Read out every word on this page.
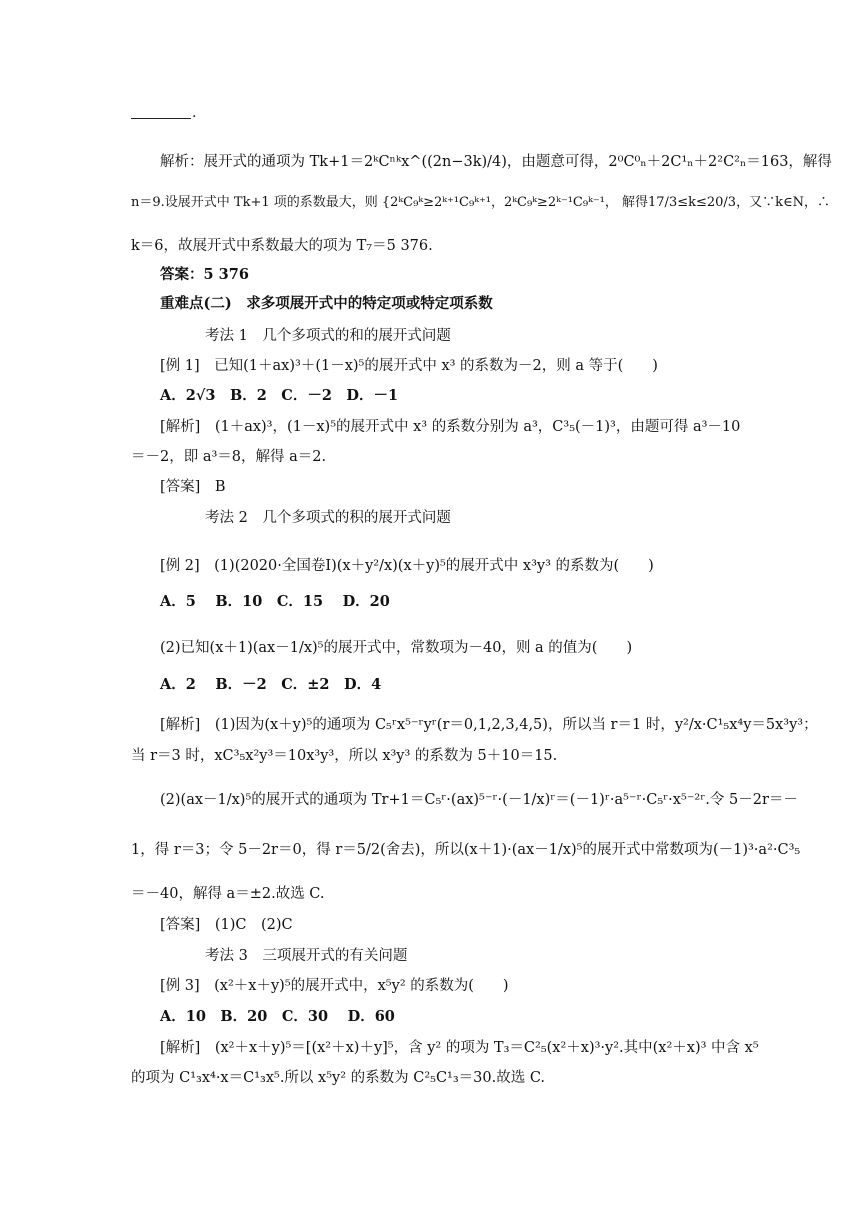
.
解析：展开式的通项为 Tk+1＝2ᵏCⁿᵏx^((2n−3k)/4)，由题意可得，2⁰C⁰ₙ＋2C¹ₙ＋2²C²ₙ＝163，解得
n＝9.设展开式中 Tk+1 项的系数最大，则 {2ᵏC₉ᵏ≥2ᵏ⁺¹C₉ᵏ⁺¹，2ᵏC₉ᵏ≥2ᵏ⁻¹C₉ᵏ⁻¹， 解得17/3≤k≤20/3，又∵k∈N，∴
k＝6，故展开式中系数最大的项为 T₇＝5 376.
答案：5 376
重难点(二)　求多项展开式中的特定项或特定项系数
考法 1　几个多项式的和的展开式问题
[例 1]　已知(1＋ax)³＋(1－x)⁵的展开式中 x³ 的系数为－2，则 a 等于(　　)
A．2√3　B．2　C．－2　D．－1
[解析]　(1＋ax)³，(1－x)⁵的展开式中 x³ 的系数分别为 a³，C³₅(－1)³，由题可得 a³－10
＝－2，即 a³＝8，解得 a＝2.
[答案]　B
考法 2　几个多项式的积的展开式问题
[例 2]　(1)(2020·全国卷Ⅰ)(x＋y²/x)(x＋y)⁵的展开式中 x³y³ 的系数为(　　)
A．5　 B．10　C．15　 D．20
(2)已知(x＋1)(ax－1/x)⁵的展开式中，常数项为－40，则 a 的值为(　　)
A．2　 B．－2　C．±2　D．4
[解析]　(1)因为(x＋y)⁵的通项为 C₅ʳx⁵⁻ʳyʳ(r＝0,1,2,3,4,5)，所以当 r＝1 时，y²/x·C¹₅x⁴y＝5x³y³；
当 r＝3 时，xC³₅x²y³＝10x³y³，所以 x³y³ 的系数为 5＋10＝15.
(2)(ax－1/x)⁵的展开式的通项为 Tr+1＝C₅ʳ·(ax)⁵⁻ʳ·(－1/x)ʳ＝(－1)ʳ·a⁵⁻ʳ·C₅ʳ·x⁵⁻²ʳ.令 5－2r＝－
1，得 r＝3；令 5－2r＝0，得 r＝5/2(舍去)，所以(x＋1)·(ax－1/x)⁵的展开式中常数项为(－1)³·a²·C³₅
＝－40，解得 a＝±2.故选 C.
[答案]　(1)C　(2)C
考法 3　三项展开式的有关问题
[例 3]　(x²＋x＋y)⁵的展开式中，x⁵y² 的系数为(　　)
A．10　B．20　C．30　 D．60
[解析]　(x²＋x＋y)⁵＝[(x²＋x)＋y]⁵，含 y² 的项为 T₃＝C²₅(x²＋x)³·y².其中(x²＋x)³ 中含 x⁵
的项为 C¹₃x⁴·x＝C¹₃x⁵.所以 x⁵y² 的系数为 C²₅C¹₃＝30.故选 C.
